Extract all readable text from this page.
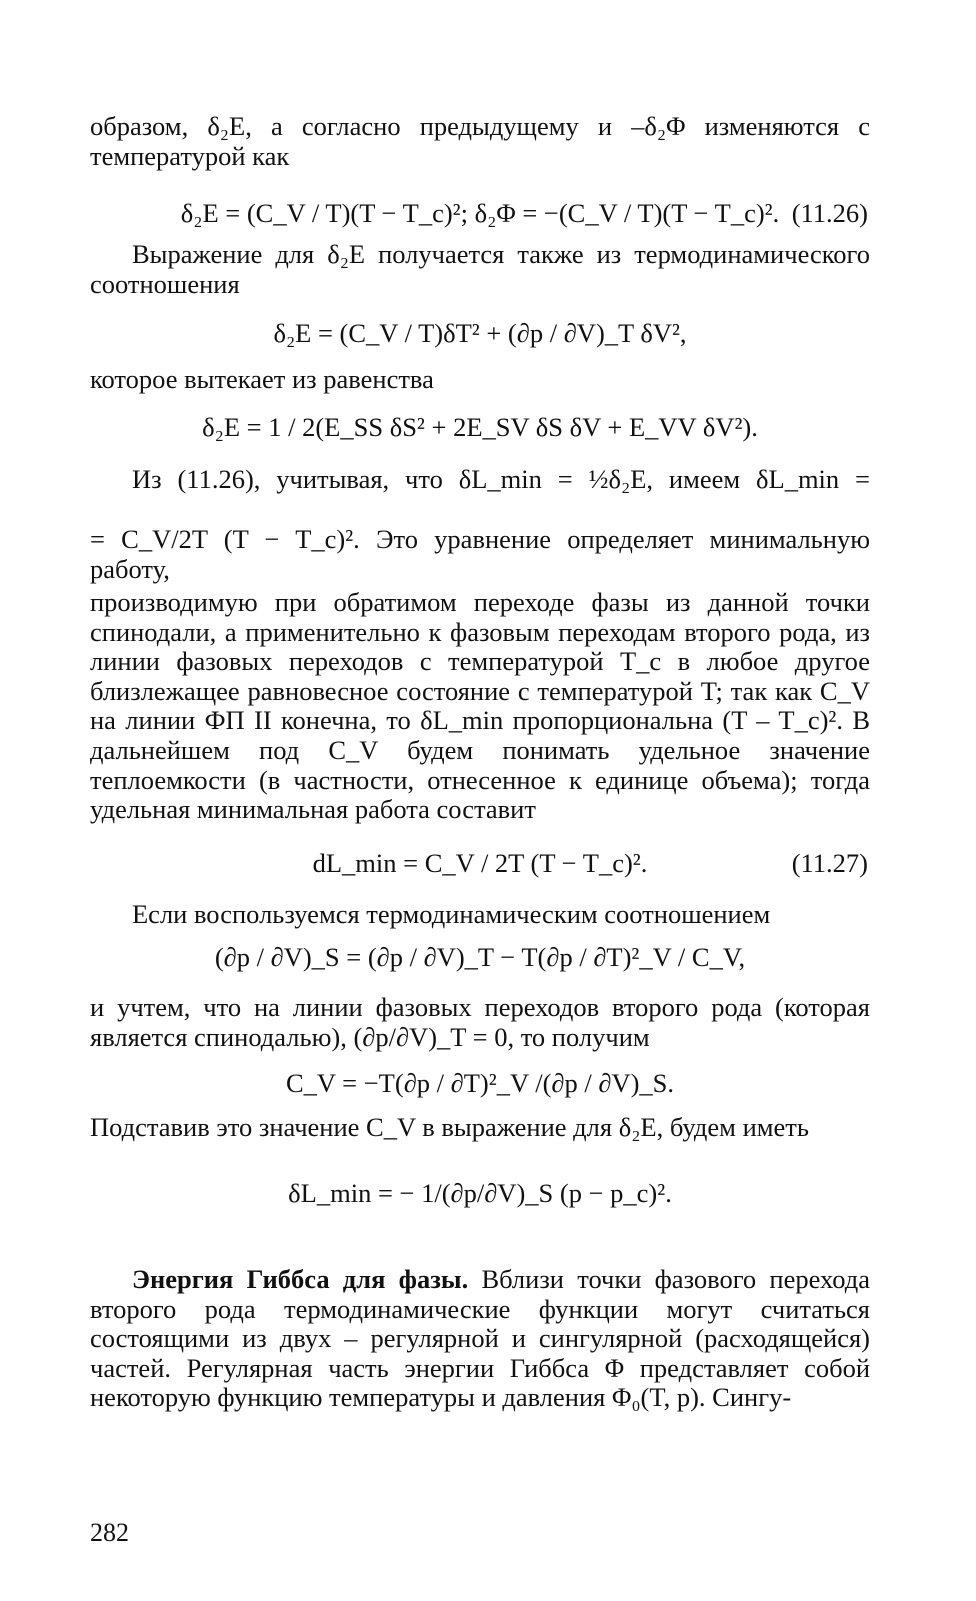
образом, δ₂E, а согласно предыдущему и –δ₂Φ изменяются с температурой как

δ₂E = (C_V / T)(T − T_c)²; δ₂Φ = −(C_V / T)(T − T_c)². (11.26)

Выражение для δ₂E получается также из термодинамического соотношения

δ₂E = (C_V / T)δT² + (∂p / ∂V)_T δV²,

которое вытекает из равенства

δ₂E = 1 / 2(E_SS δS² + 2E_SV δS δV + E_VV δV²).

Из (11.26), учитывая, что δL_min = ½δ₂E, имеем δL_min =

= C_V/2T (T − T_c)². Это уравнение определяет минимальную работу,

производимую при обратимом переходе фазы из данной точки спинодали, а применительно к фазовым переходам второго рода, из линии фазовых переходов с температурой T_c в любое другое близлежащее равновесное состояние с температурой T; так как C_V на линии ФП II конечна, то δL_min пропорциональна (T – T_c)². В дальнейшем под C_V будем понимать удельное значение теплоемкости (в частности, отнесенное к единице объема); тогда удельная минимальная работа составит

dL_min = C_V / 2T (T − T_c)².	(11.27)

Если воспользуемся термодинамическим соотношением

(∂p / ∂V)_S = (∂p / ∂V)_T − T(∂p / ∂T)²_V / C_V,

и учтем, что на линии фазовых переходов второго рода (которая является спинодалью), (∂p/∂V)_T = 0, то получим

C_V = −T(∂p / ∂T)²_V /(∂p / ∂V)_S.

Подставив это значение C_V в выражение для δ₂E, будем иметь

δL_min = − 1/(∂p/∂V)_S (p − p_c)².

Энергия Гиббса для фазы. Вблизи точки фазового перехода второго рода термодинамические функции могут считаться состоящими из двух – регулярной и сингулярной (расходящейся) частей. Регулярная часть энергии Гиббса Φ представляет собой некоторую функцию температуры и давления Φ₀(T, p). Сингу-

282
